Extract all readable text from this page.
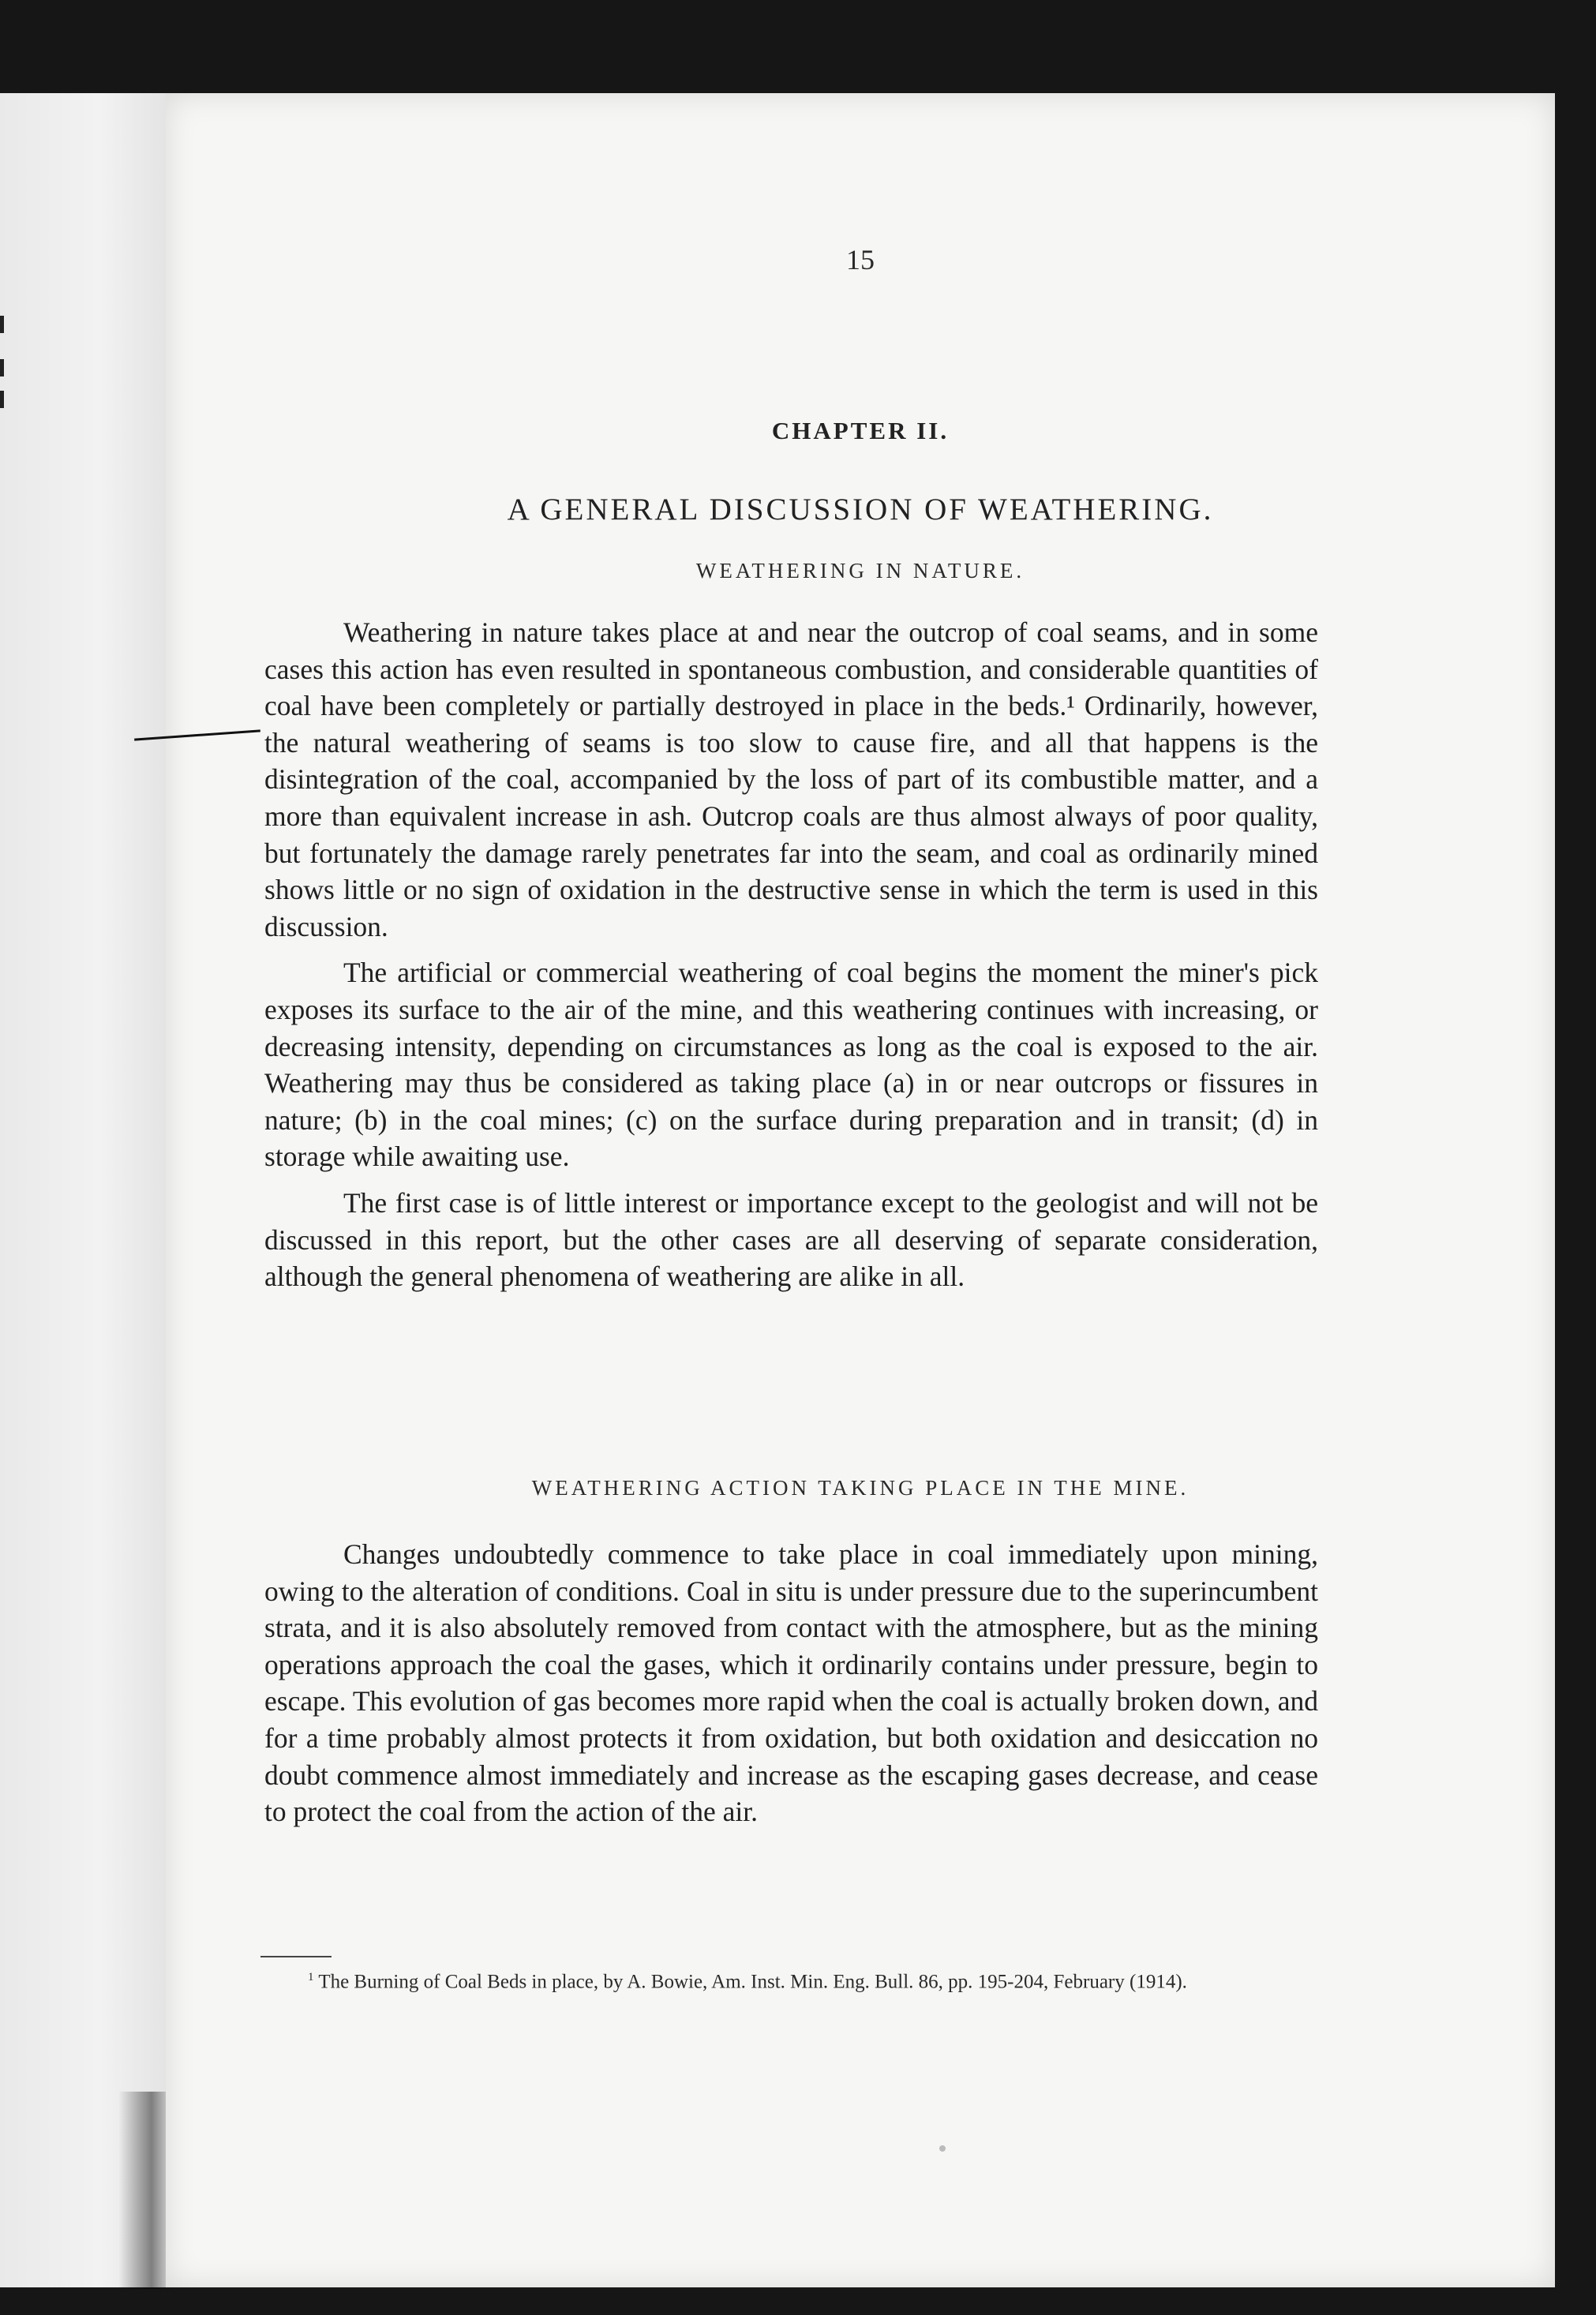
15
CHAPTER II.
A GENERAL DISCUSSION OF WEATHERING.
WEATHERING IN NATURE.

Weathering in nature takes place at and near the outcrop of coal seams, and in some cases this action has even resulted in spontaneous combustion, and considerable quantities of coal have been completely or partially destroyed in place in the beds.¹ Ordinarily, however, the natural weathering of seams is too slow to cause fire, and all that happens is the disintegration of the coal, accompanied by the loss of part of its combustible matter, and a more than equivalent increase in ash. Outcrop coals are thus almost always of poor quality, but fortunately the damage rarely penetrates far into the seam, and coal as ordinarily mined shows little or no sign of oxidation in the destructive sense in which the term is used in this discussion.

The artificial or commercial weathering of coal begins the moment the miner's pick exposes its surface to the air of the mine, and this weathering continues with increasing, or decreasing intensity, depending on circumstances as long as the coal is exposed to the air. Weathering may thus be considered as taking place (a) in or near outcrops or fissures in nature; (b) in the coal mines; (c) on the surface during preparation and in transit; (d) in storage while awaiting use.

The first case is of little interest or importance except to the geologist and will not be discussed in this report, but the other cases are all deserving of separate consideration, although the general phenomena of weathering are alike in all.

WEATHERING ACTION TAKING PLACE IN THE MINE.

Changes undoubtedly commence to take place in coal immediately upon mining, owing to the alteration of conditions. Coal in situ is under pressure due to the superincumbent strata, and it is also absolutely removed from contact with the atmosphere, but as the mining operations approach the coal the gases, which it ordinarily contains under pressure, begin to escape. This evolution of gas becomes more rapid when the coal is actually broken down, and for a time probably almost protects it from oxidation, but both oxidation and desiccation no doubt commence almost immediately and increase as the escaping gases decrease, and cease to protect the coal from the action of the air.

$^1$ The Burning of Coal Beds in place, by A. Bowie, Am. Inst. Min. Eng. Bull. 86, pp. 195-204, February (1914).
